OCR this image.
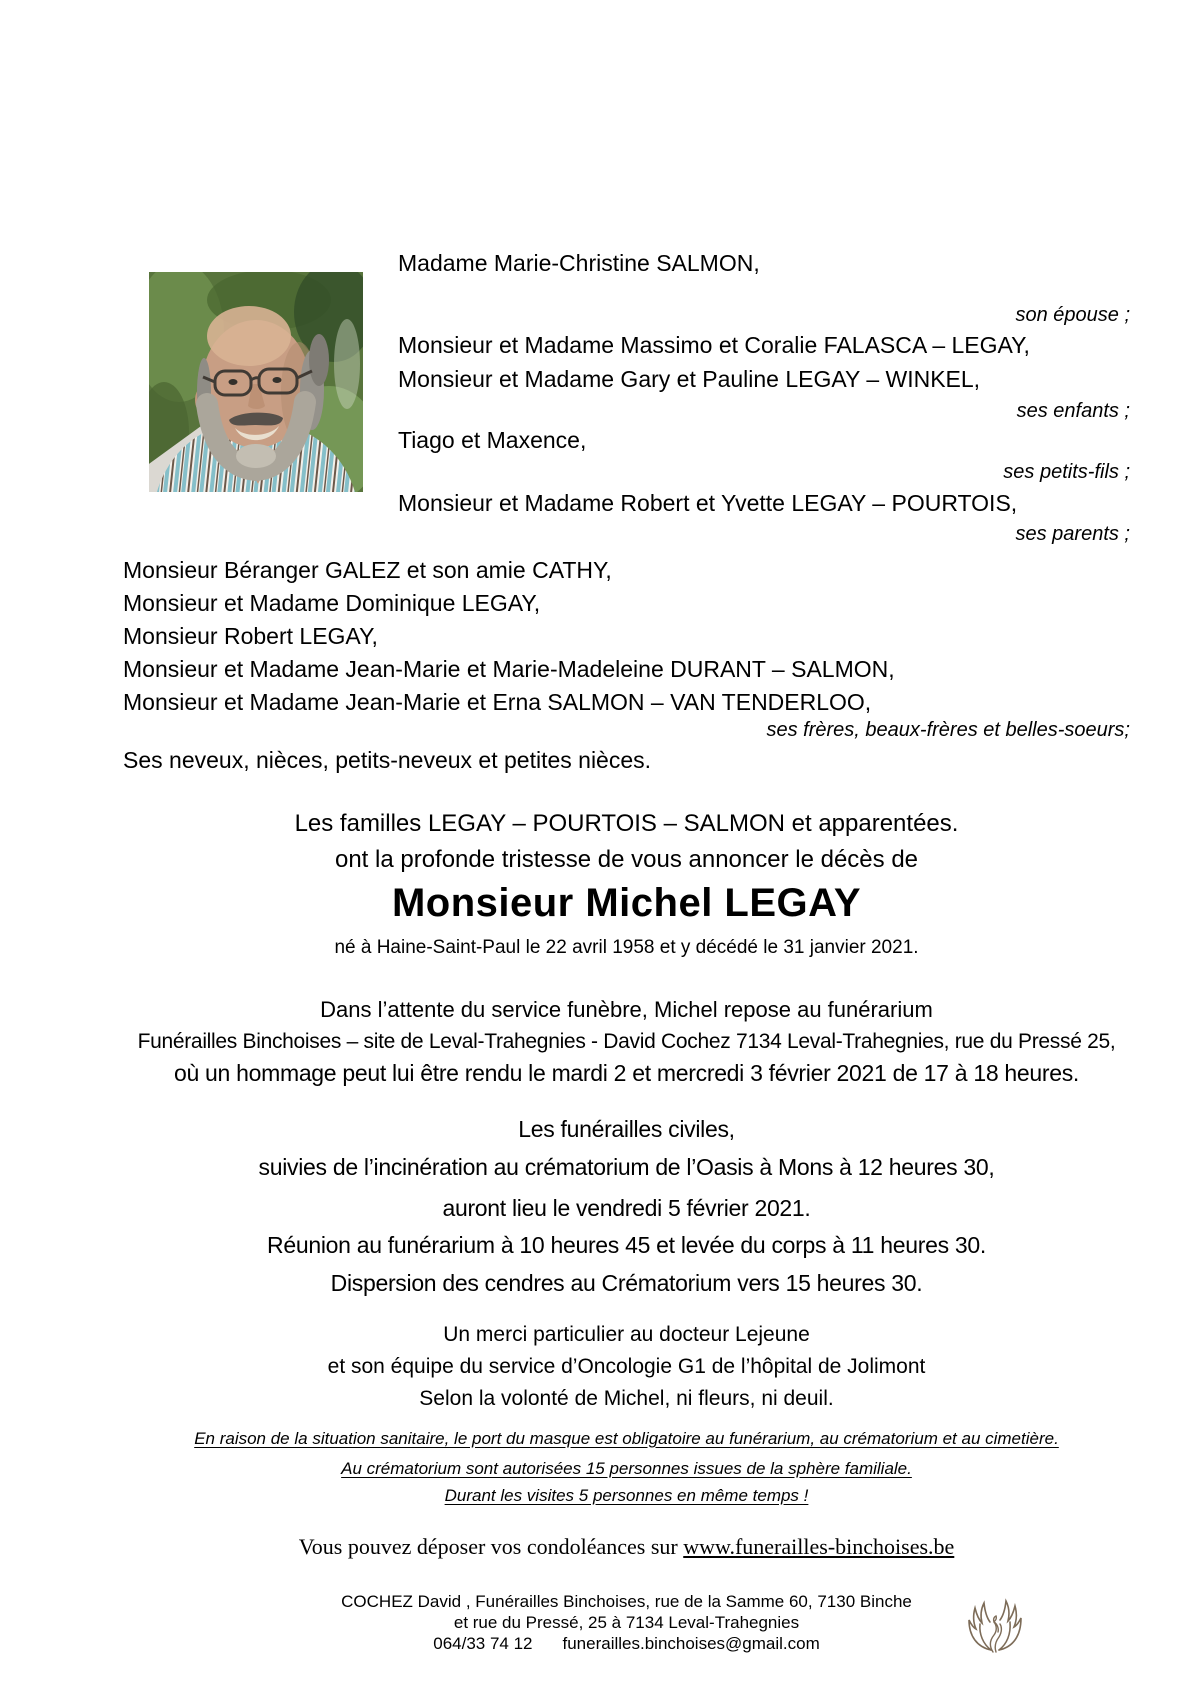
Madame Marie-Christine SALMON,
son épouse ;
Monsieur et Madame Massimo et Coralie FALASCA – LEGAY,
Monsieur et Madame Gary et Pauline LEGAY – WINKEL,
ses enfants ;
Tiago et Maxence,
ses petits-fils ;
Monsieur et Madame Robert et Yvette LEGAY – POURTOIS,
ses parents ;
Monsieur Béranger GALEZ et son amie CATHY,
Monsieur et Madame Dominique LEGAY,
Monsieur Robert LEGAY,
Monsieur et Madame Jean-Marie et Marie-Madeleine DURANT – SALMON,
Monsieur et Madame Jean-Marie et Erna SALMON – VAN TENDERLOO,
ses frères, beaux-frères et belles-soeurs;
Ses neveux, nièces, petits-neveux et petites nièces.
Les familles LEGAY – POURTOIS – SALMON et apparentées.
ont la profonde tristesse de vous annoncer le décès de
Monsieur Michel LEGAY
né à Haine-Saint-Paul le 22 avril 1958 et y décédé le 31 janvier 2021.
Dans l’attente du service funèbre, Michel repose au funérarium
Funérailles Binchoises – site de Leval-Trahegnies - David Cochez 7134 Leval-Trahegnies, rue du Pressé 25,
où un hommage peut lui être rendu le mardi 2 et mercredi 3 février 2021 de 17 à 18 heures.
Les funérailles civiles,
suivies de l’incinération au crématorium de l’Oasis à Mons à 12 heures 30,
auront lieu le vendredi 5 février 2021.
Réunion au funérarium à 10 heures 45 et levée du corps à 11 heures 30.
Dispersion des cendres au Crématorium vers 15 heures 30.
Un merci particulier au docteur Lejeune
et son équipe du service d’Oncologie G1 de l’hôpital de Jolimont
Selon la volonté de Michel, ni fleurs, ni deuil.
En raison de la situation sanitaire, le port du masque est obligatoire au funérarium, au crématorium et au cimetière.
Au crématorium sont autorisées 15 personnes issues de la sphère familiale.
Durant les visites 5 personnes en même temps !
Vous pouvez déposer vos condoléances sur www.funerailles-binchoises.be
COCHEZ David , Funérailles Binchoises, rue de la Samme 60, 7130 Binche
et rue du Pressé, 25 à 7134 Leval-Trahegnies
064/33 74 12 funerailles.binchoises@gmail.com
